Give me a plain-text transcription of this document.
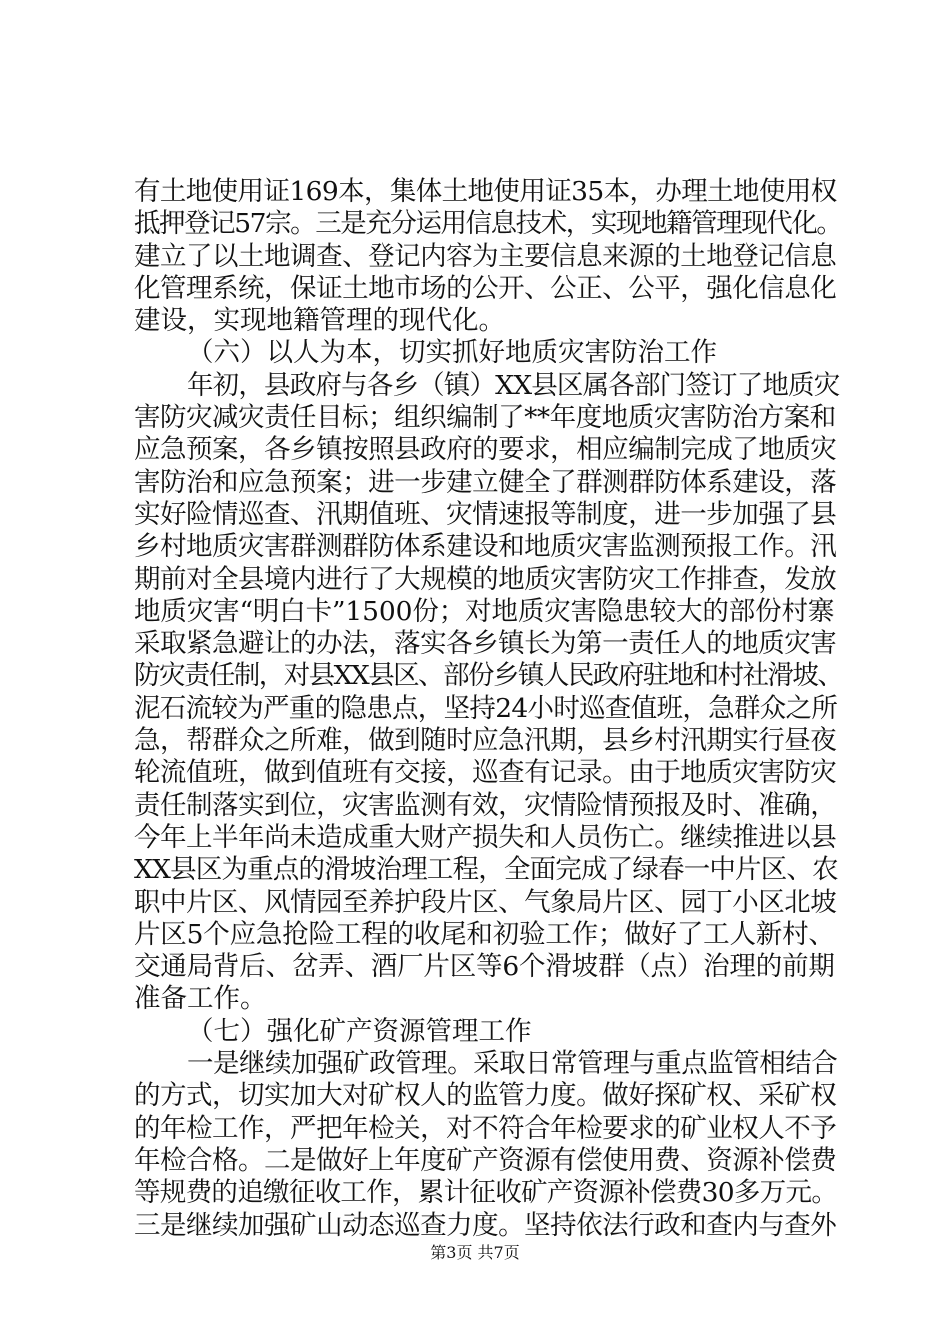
有土地使用证169本，集体土地使用证35本，办理土地使用权
抵押登记57宗。三是充分运用信息技术，实现地籍管理现代化。
建立了以土地调查、登记内容为主要信息来源的土地登记信息
化管理系统，保证土地市场的公开、公正、公平，强化信息化
建设，实现地籍管理的现代化。
（六）以人为本，切实抓好地质灾害防治工作
年初，县政府与各乡（镇）XX县区属各部门签订了地质灾
害防灾减灾责任目标；组织编制了**年度地质灾害防治方案和
应急预案，各乡镇按照县政府的要求，相应编制完成了地质灾
害防治和应急预案；进一步建立健全了群测群防体系建设，落
实好险情巡查、汛期值班、灾情速报等制度，进一步加强了县
乡村地质灾害群测群防体系建设和地质灾害监测预报工作。汛
期前对全县境内进行了大规模的地质灾害防灾工作排查，发放
地质灾害“明白卡”1500份；对地质灾害隐患较大的部份村寨
采取紧急避让的办法，落实各乡镇长为第一责任人的地质灾害
防灾责任制，对县XX县区、部份乡镇人民政府驻地和村社滑坡、
泥石流较为严重的隐患点，坚持24小时巡查值班，急群众之所
急，帮群众之所难，做到随时应急汛期，县乡村汛期实行昼夜
轮流值班，做到值班有交接，巡查有记录。由于地质灾害防灾
责任制落实到位，灾害监测有效，灾情险情预报及时、准确，
今年上半年尚未造成重大财产损失和人员伤亡。继续推进以县
XX县区为重点的滑坡治理工程，全面完成了绿春一中片区、农
职中片区、风情园至养护段片区、气象局片区、园丁小区北坡
片区5个应急抢险工程的收尾和初验工作；做好了工人新村、
交通局背后、岔弄、酒厂片区等6个滑坡群（点）治理的前期
准备工作。
（七）强化矿产资源管理工作
一是继续加强矿政管理。采取日常管理与重点监管相结合
的方式，切实加大对矿权人的监管力度。做好探矿权、采矿权
的年检工作，严把年检关，对不符合年检要求的矿业权人不予
年检合格。二是做好上年度矿产资源有偿使用费、资源补偿费
等规费的追缴征收工作，累计征收矿产资源补偿费30多万元。
三是继续加强矿山动态巡查力度。坚持依法行政和查内与查外
第3页 共7页
